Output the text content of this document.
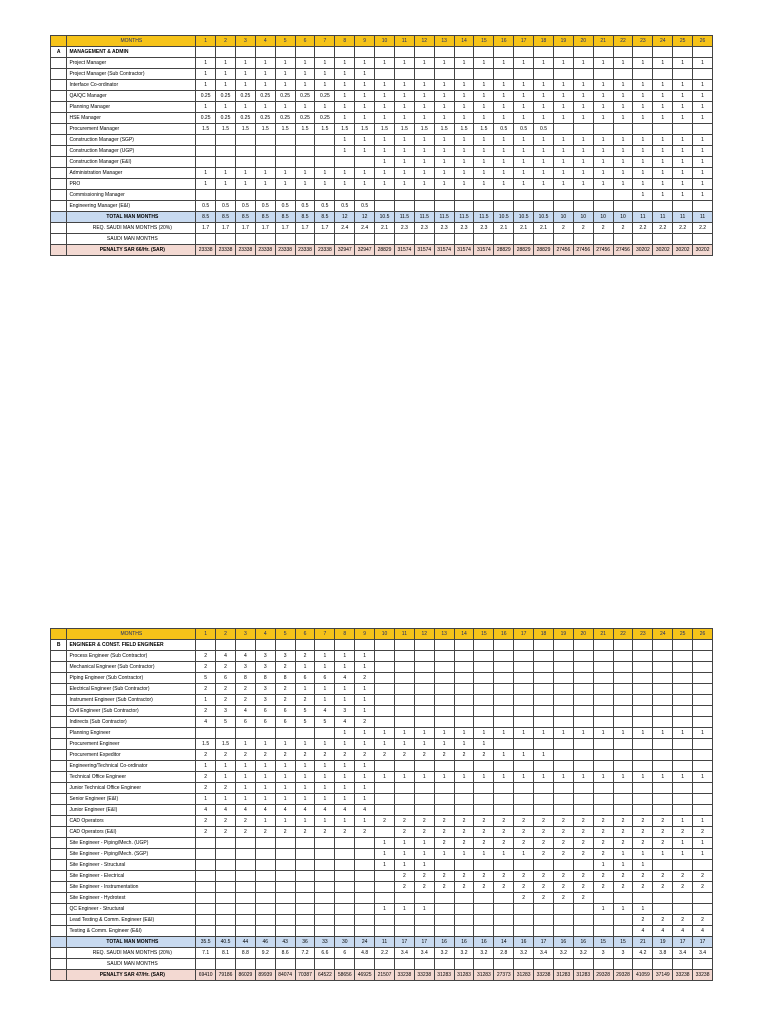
	MONTHS	1	2	3	4	5	6	7	8	9	10	11	12	13	14	15	16	17	18	19	20	21	22	23	24	25	26
A	MANAGEMENT & ADMIN																										
	Project Manager	1	1	1	1	1	1	1	1	1	1	1	1	1	1	1	1	1	1	1	1	1	1	1	1	1	1
	Project Manager (Sub Contractor)	1	1	1	1	1	1	1	1	1																	
	Interface Co-ordinator	1	1	1	1	1	1	1	1	1	1	1	1	1	1	1	1	1	1	1	1	1	1	1	1	1	1
	QA/QC Manager	0.25	0.25	0.25	0.25	0.25	0.25	0.25	1	1	1	1	1	1	1	1	1	1	1	1	1	1	1	1	1	1	1
	Planning Manager	1	1	1	1	1	1	1	1	1	1	1	1	1	1	1	1	1	1	1	1	1	1	1	1	1	1
	HSE Manager	0.25	0.25	0.25	0.25	0.25	0.25	0.25	1	1	1	1	1	1	1	1	1	1	1	1	1	1	1	1	1	1	1
	Procurement Manager	1.5	1.5	1.5	1.5	1.5	1.5	1.5	1.5	1.5	1.5	1.5	1.5	1.5	1.5	1.5	0.5	0.5	0.5								
	Construction Manager (SGP)								1	1	1	1	1	1	1	1	1	1	1	1	1	1	1	1	1	1	1
	Construction Manager (UGP)								1	1	1	1	1	1	1	1	1	1	1	1	1	1	1	1	1	1	1
	Construction Manager (E&I)										1	1	1	1	1	1	1	1	1	1	1	1	1	1	1	1	1
	Administration Manager	1	1	1	1	1	1	1	1	1	1	1	1	1	1	1	1	1	1	1	1	1	1	1	1	1	1
	PRO	1	1	1	1	1	1	1	1	1	1	1	1	1	1	1	1	1	1	1	1	1	1	1	1	1	1
	Commissioning Manager																							1	1	1	1
	Engineering Manager (E&I)	0.5	0.5	0.5	0.5	0.5	0.5	0.5	0.5	0.5																	
	TOTAL MAN MONTHS	8.5	8.5	8.5	8.5	8.5	8.5	8.5	12	12	10.5	11.5	11.5	11.5	11.5	11.5	10.5	10.5	10.5	10	10	10	10	11	11	11	11
	REQ. SAUDI MAN MONTHS (20%)	1.7	1.7	1.7	1.7	1.7	1.7	1.7	2.4	2.4	2.1	2.3	2.3	2.3	2.3	2.3	2.1	2.1	2.1	2	2	2	2	2.2	2.2	2.2	2.2
	SAUDI MAN MONTHS																										
	PENALTY SAR 66/Hr. (SAR)	23338	23338	23338	23338	23338	23338	23338	32947	32947	28829	31574	31574	31574	31574	31574	28829	28829	28829	27456	27456	27456	27456	30202	30202	30202	30202
	MONTHS	1	2	3	4	5	6	7	8	9	10	11	12	13	14	15	16	17	18	19	20	21	22	23	24	25	26
B	ENGINEER & CONST. FIELD ENGINEER																										
	Process Engineer (Sub Contractor)	2	4	4	3	3	2	1	1	1																	
	Mechanical Engineer (Sub Contractor)	2	2	3	3	2	1	1	1	1																	
	Piping Engineer (Sub Contractor)	5	6	8	8	8	6	6	4	2																	
	Electrical Engineer (Sub Contractor)	2	2	2	3	2	1	1	1	1																	
	Instrument Engineer (Sub Contractor)	1	2	2	3	2	2	1	1	1																	
	Civil Engineer (Sub Contractor)	2	3	4	6	6	5	4	3	1																	
	Indirects (Sub Contractor)	4	5	6	6	6	5	5	4	2																	
	Planning Engineer								1	1	1	1	1	1	1	1	1	1	1	1	1	1	1	1	1	1	1
	Procurement Engineer	1.5	1.5	1	1	1	1	1	1	1	1	1	1	1	1	1											
	Procurement Expeditor	2	2	2	2	2	2	2	2	2	2	2	2	2	2	2	1	1	1								
	Engineering/Technical Co-ordinator	1	1	1	1	1	1	1	1	1																	
	Technical Office Engineer	2	1	1	1	1	1	1	1	1	1	1	1	1	1	1	1	1	1	1	1	1	1	1	1	1	1
	Junior Technical Office Engineer	2	2	1	1	1	1	1	1	1																	
	Senior Engineer (E&I)	1	1	1	1	1	1	1	1	1																	
	Junior Engineer (E&I)	4	4	4	4	4	4	4	4	4																	
	CAD Operators	2	2	2	1	1	1	1	1	1	2	2	2	2	2	2	2	2	2	2	2	2	2	2	2	1	1
	CAD Operators (E&I)	2	2	2	2	2	2	2	2	2		2	2	2	2	2	2	2	2	2	2	2	2	2	2	2	2
	Site Engineer - Piping/Mech. (UGP)										1	1	1	2	2	2	2	2	2	2	2	2	2	2	2	1	1
	Site Engineer - Piping/Mech. (SGP)										1	1	1	1	1	1	1	1	2	2	2	2	1	1	1	1	1
	Site Engineer - Structural										1	1	1									1	1	1			
	Site Engineer - Electrical											2	2	2	2	2	2	2	2	2	2	2	2	2	2	2	2
	Site Engineer - Instrumentation											2	2	2	2	2	2	2	2	2	2	2	2	2	2	2	2
	Site Engineer - Hydrotest																	2	2	2	2						
	QC Engineer - Structural										1	1	1									1	1	1			
	Lead Testing & Comm. Engineer (E&I)																							2	2	2	2
	Testing & Comm. Engineer (E&I)																							4	4	4	4
	TOTAL MAN MONTHS	35.5	40.5	44	46	43	36	33	30	24	11	17	17	16	16	16	14	16	17	16	16	15	15	21	19	17	17
	REQ. SAUDI MAN MONTHS (20%)	7.1	8.1	8.8	9.2	8.6	7.2	6.6	6	4.8	2.2	3.4	3.4	3.2	3.2	3.2	2.8	3.2	3.4	3.2	3.2	3	3	4.2	3.8	3.4	3.4
	SAUDI MAN MONTHS																										
	PENALTY SAR 47/Hr. (SAR)	69410	79186	86029	89939	84074	70387	64522	58656	46925	21507	33238	33238	31283	31283	31283	27373	31283	33238	31283	31283	29328	29328	41059	37149	33238	33238
